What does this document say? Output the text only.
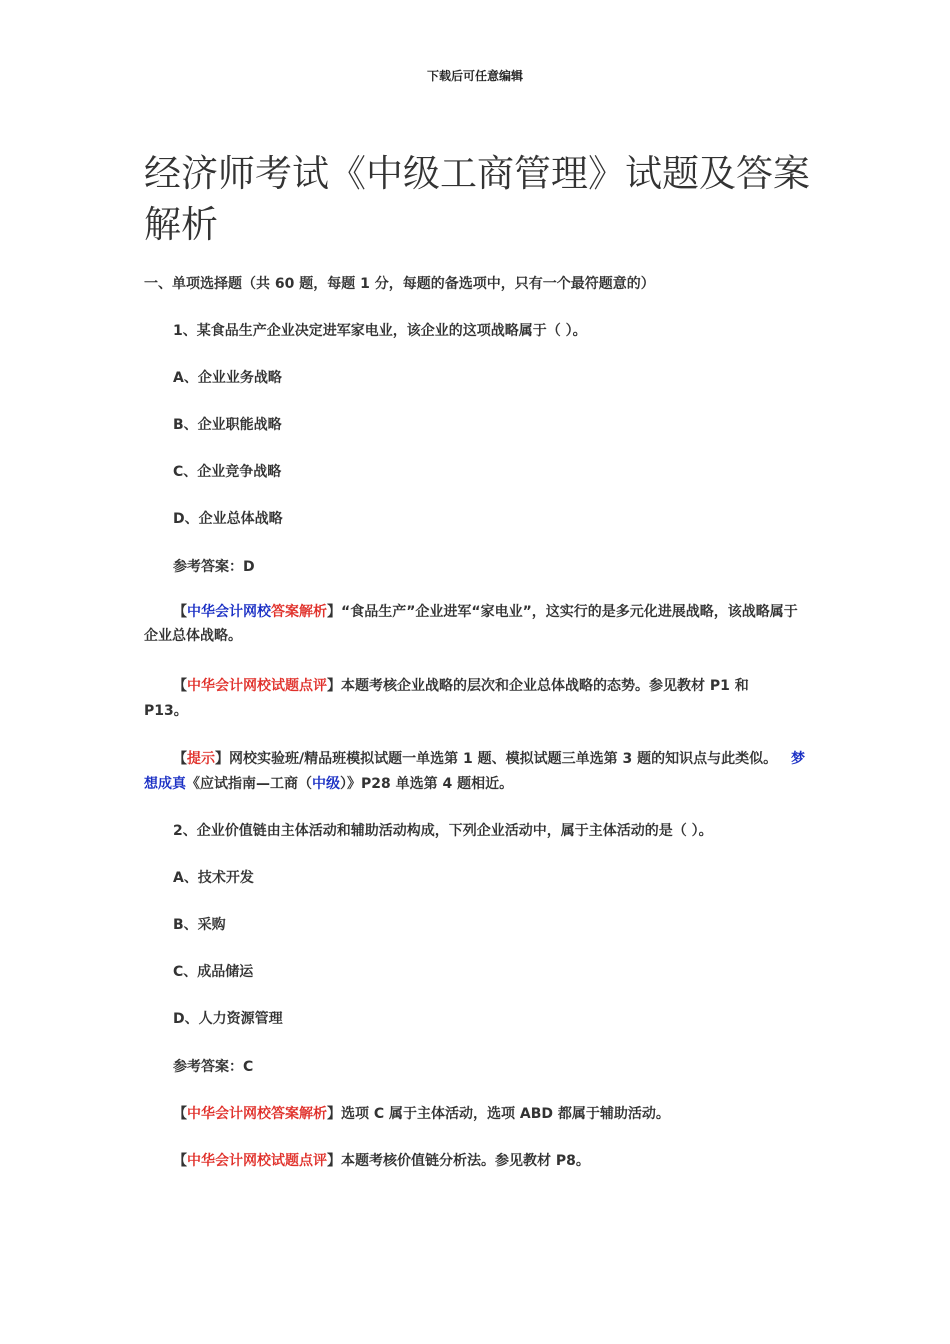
下载后可任意编辑
经济师考试《中级工商管理》试题及答案解析

一、单项选择题（共 60 题，每题 1 分，每题的备选项中，只有一个最符题意的）

1、某食品生产企业决定进军家电业，该企业的这项战略属于（ ）。

A、企业业务战略

B、企业职能战略

C、企业竞争战略

D、企业总体战略

参考答案：D

【中华会计网校答案解析】“食品生产”企业进军“家电业”，这实行的是多元化进展战略，该战略属于企业总体战略。

【中华会计网校试题点评】本题考核企业战略的层次和企业总体战略的态势。参见教材 P1 和

P13。

【提示】网校实验班/精品班模拟试题一单选第 1 题、模拟试题三单选第 3 题的知识点与此类似。 梦

想成真《应试指南—工商（中级）》P28 单选第 4 题相近。

2、企业价值链由主体活动和辅助活动构成，下列企业活动中，属于主体活动的是（ ）。

A、技术开发

B、采购

C、成品储运

D、人力资源管理

参考答案：C

【中华会计网校答案解析】选项 C 属于主体活动，选项 ABD 都属于辅助活动。

【中华会计网校试题点评】本题考核价值链分析法。参见教材 P8。
